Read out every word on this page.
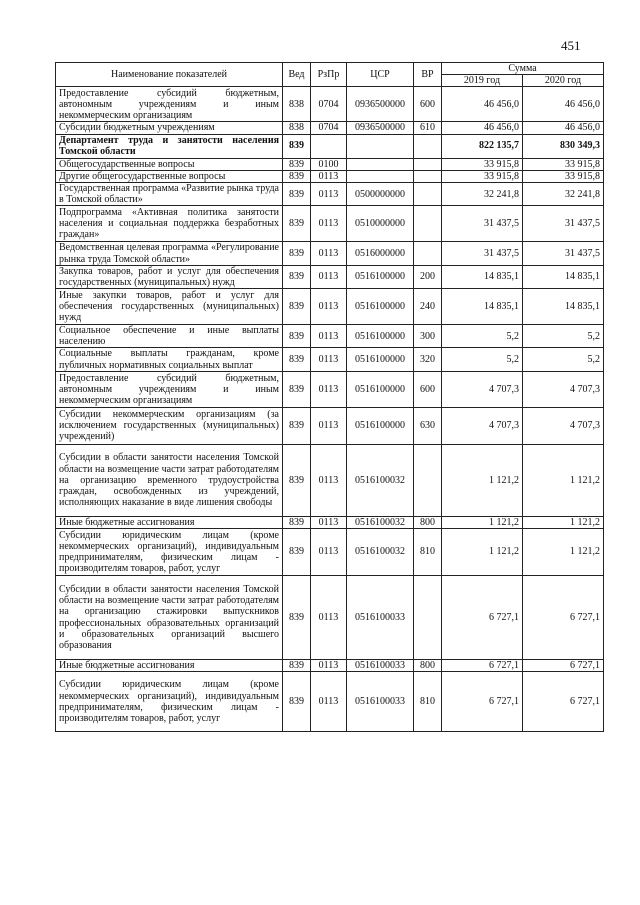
451
Наименование показателей	Вед	РзПр	ЦСР	ВР	Сумма	
					2019 год	2020 год
Предоставление субсидий бюджетным, автономным учреждениям и иным некоммерческим организациям	838	0704	0936500000	600	46 456,0	46 456,0
Субсидии бюджетным учреждениям	838	0704	0936500000	610	46 456,0	46 456,0
Департамент труда и занятости населения Томской области	839				822 135,7	830 349,3
Общегосударственные вопросы	839	0100			33 915,8	33 915,8
Другие общегосударственные вопросы	839	0113			33 915,8	33 915,8
Государственная программа «Развитие рынка труда в Томской области»	839	0113	0500000000		32 241,8	32 241,8
Подпрограмма «Активная политика занятости населения и социальная поддержка безработных граждан»	839	0113	0510000000		31 437,5	31 437,5
Ведомственная целевая программа «Регулирование рынка труда Томской области»	839	0113	0516000000		31 437,5	31 437,5
Закупка товаров, работ и услуг для обеспечения государственных (муниципальных) нужд	839	0113	0516100000	200	14 835,1	14 835,1
Иные закупки товаров, работ и услуг для обеспечения государственных (муниципальных) нужд	839	0113	0516100000	240	14 835,1	14 835,1
Социальное обеспечение и иные выплаты населению	839	0113	0516100000	300	5,2	5,2
Социальные выплаты гражданам, кроме публичных нормативных социальных выплат	839	0113	0516100000	320	5,2	5,2
Предоставление субсидий бюджетным, автономным учреждениям и иным некоммерческим организациям	839	0113	0516100000	600	4 707,3	4 707,3
Субсидии некоммерческим организациям (за исключением государственных (муниципальных) учреждений)	839	0113	0516100000	630	4 707,3	4 707,3
Субсидии в области занятости населения Томской области на возмещение части затрат работодателям на организацию временного трудоустройства граждан, освобожденных из учреждений, исполняющих наказание в виде лишения свободы	839	0113	0516100032		1 121,2	1 121,2
Иные бюджетные ассигнования	839	0113	0516100032	800	1 121,2	1 121,2
Субсидии юридическим лицам (кроме некоммерческих организаций), индивидуальным предпринимателям, физическим лицам - производителям товаров, работ, услуг	839	0113	0516100032	810	1 121,2	1 121,2
Субсидии в области занятости населения Томской области на возмещение части затрат работодателям на организацию стажировки выпускников профессиональных образовательных организаций и образовательных организаций высшего образования	839	0113	0516100033		6 727,1	6 727,1
Иные бюджетные ассигнования	839	0113	0516100033	800	6 727,1	6 727,1
Субсидии юридическим лицам (кроме некоммерческих организаций), индивидуальным предпринимателям, физическим лицам - производителям товаров, работ, услуг	839	0113	0516100033	810	6 727,1	6 727,1
